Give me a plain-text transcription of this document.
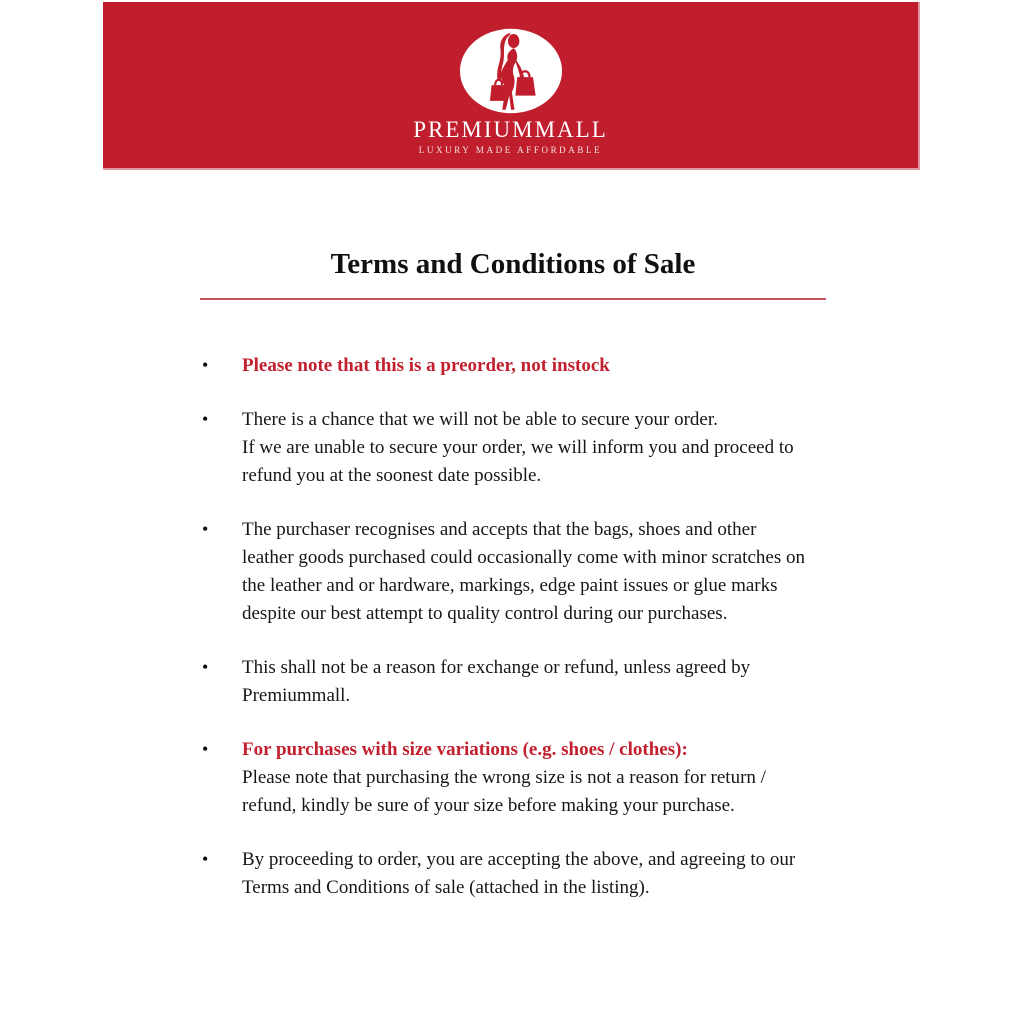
PREMIUMMALL
LUXURY MADE AFFORDABLE
Terms and Conditions of Sale
• Please note that this is a preorder, not instock
• There is a chance that we will not be able to secure your order.
If we are unable to secure your order, we will inform you and proceed to
refund you at the soonest date possible.
• The purchaser recognises and accepts that the bags, shoes and other
leather goods purchased could occasionally come with minor scratches on
the leather and or hardware, markings, edge paint issues or glue marks
despite our best attempt to quality control during our purchases.
• This shall not be a reason for exchange or refund, unless agreed by
Premiummall.
• For purchases with size variations (e.g. shoes / clothes):
Please note that purchasing the wrong size is not a reason for return /
refund, kindly be sure of your size before making your purchase.
• By proceeding to order, you are accepting the above, and agreeing to our
Terms and Conditions of sale (attached in the listing).
